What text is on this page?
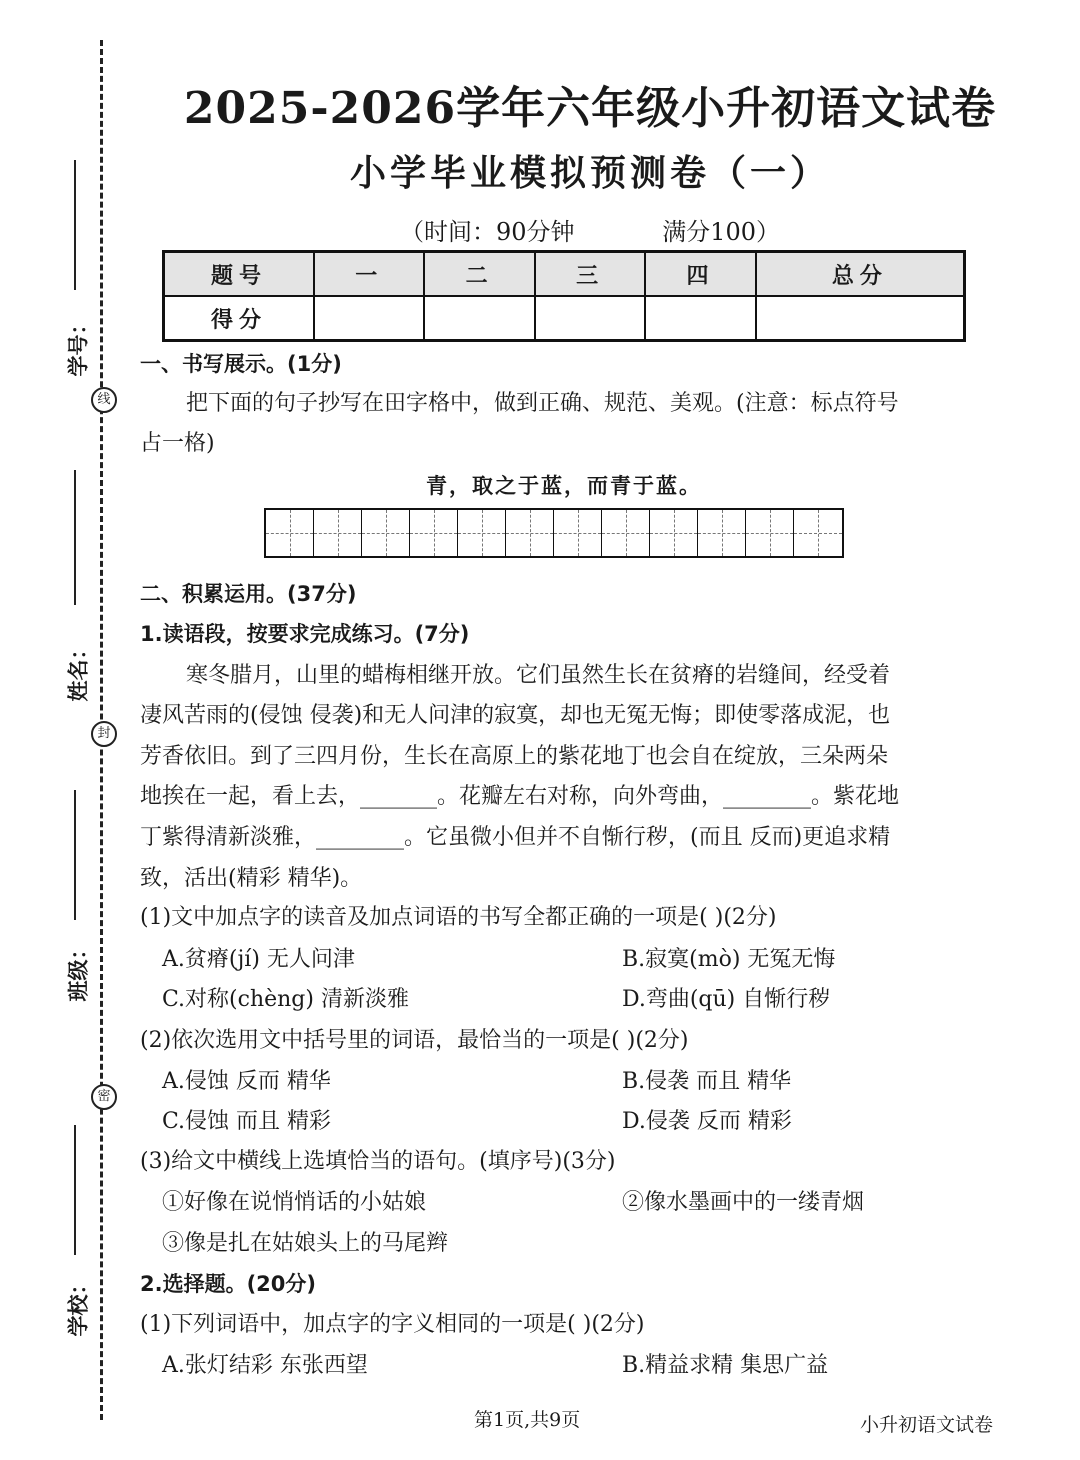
学号：
姓名：
班级：
学校：
线
封
密
2025-2026学年六年级小升初语文试卷
小学毕业模拟预测卷（一）
（时间：90分钟	满分100）
题号	一	二	三	四	总分
得分					
一、书写展示。(1分)
把下面的句子抄写在田字格中，做到正确、规范、美观。(注意：标点符号
占一格)
青，取之于蓝，而青于蓝。
二、积累运用。(37分)
1.读语段，按要求完成练习。(7分)
寒冬腊月，山里的蜡梅相继开放。它们虽然生长在贫瘠的岩缝间，经受着
凄风苦雨的(侵蚀 侵袭)和无人问津的寂寞，却也无冤无悔；即使零落成泥，也
芳香依旧。到了三四月份，生长在高原上的紫花地丁也会自在绽放，三朵两朵
地挨在一起，看上去，_______。花瓣左右对称，向外弯曲，________。紫花地
丁紫得清新淡雅，________。它虽微小但并不自惭行秽，(而且 反而)更追求精
致，活出(精彩 精华)。
(1)文中加点字的读音及加点词语的书写全都正确的一项是( )(2分)
A.贫瘠(jí) 无人问津	B.寂寞(mò) 无冤无悔
C.对称(chèng) 清新淡雅	D.弯曲(qū) 自惭行秽
(2)依次选用文中括号里的词语，最恰当的一项是( )(2分)
A.侵蚀 反而 精华	B.侵袭 而且 精华
C.侵蚀 而且 精彩	D.侵袭 反而 精彩
(3)给文中横线上选填恰当的语句。(填序号)(3分)
①好像在说悄悄话的小姑娘	②像水墨画中的一缕青烟
③像是扎在姑娘头上的马尾辫
2.选择题。(20分)
(1)下列词语中，加点字的字义相同的一项是( )(2分)
A.张灯结彩 东张西望	B.精益求精 集思广益
第1页,共9页	小升初语文试卷
